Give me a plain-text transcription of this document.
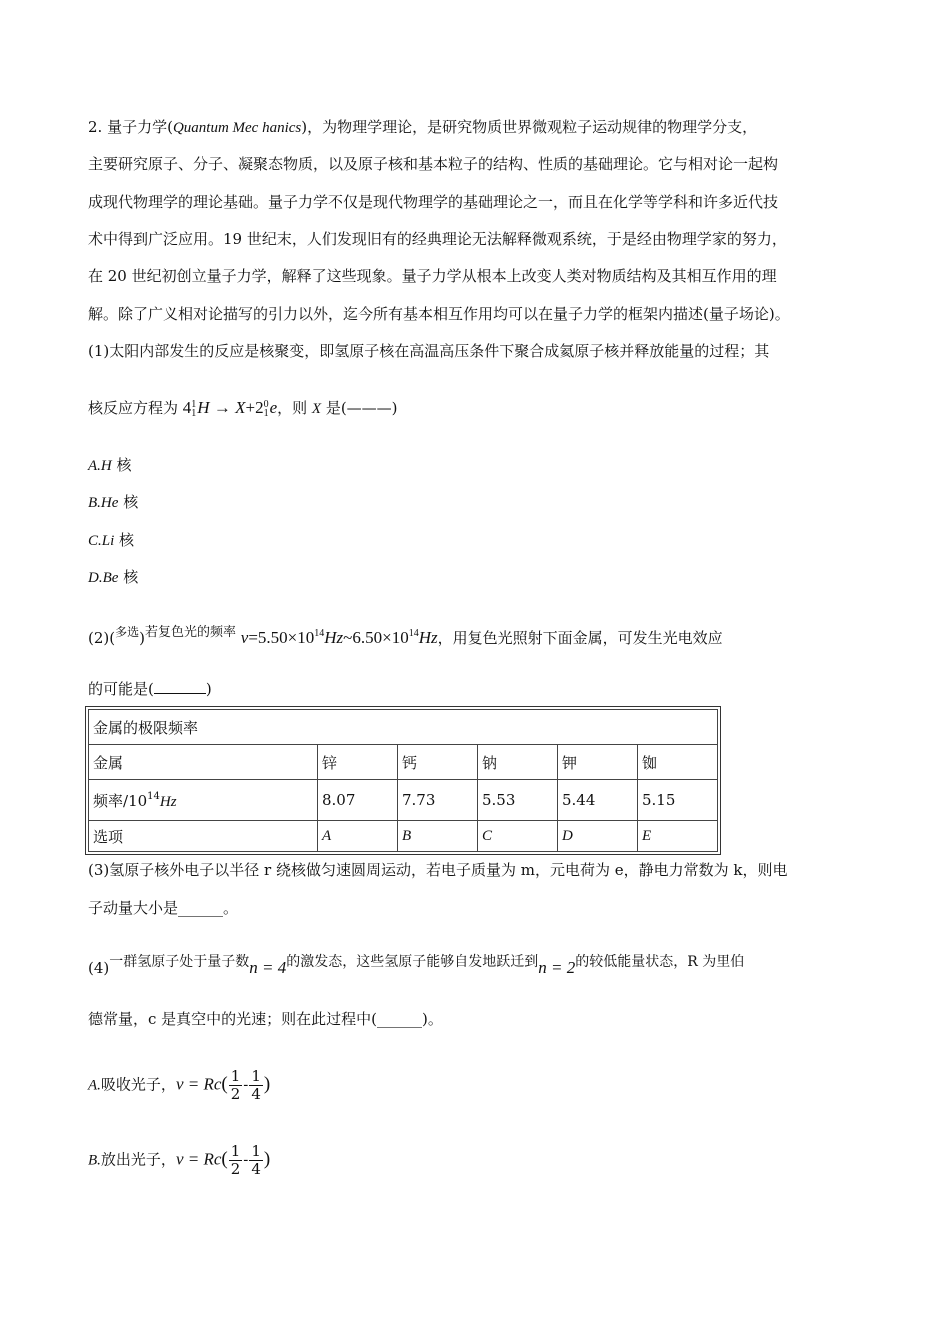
2. 量子力学(Quantum Mec hanics)，为物理学理论，是研究物质世界微观粒子运动规律的物理学分支，
主要研究原子、分子、凝聚态物质，以及原子核和基本粒子的结构、性质的基础理论。它与相对论一起构
成现代物理学的理论基础。量子力学不仅是现代物理学的基础理论之一，而且在化学等学科和许多近代技
术中得到广泛应用。19 世纪末，人们发现旧有的经典理论无法解释微观系统，于是经由物理学家的努力，
在 20 世纪初创立量子力学，解释了这些现象。量子力学从根本上改变人类对物质结构及其相互作用的理
解。除了广义相对论描写的引力以外，迄今所有基本相互作用均可以在量子力学的框架内描述(量子场论)。
(1)太阳内部发生的反应是核聚变，即氢原子核在高温高压条件下聚合成氦原子核并释放能量的过程；其
核反应方程为 41
1H → X+20
1e，则 X 是(———)
A.H 核
B.He 核
C.Li 核
D.Be 核
$(2)(^{多选})^{若复色光的频率}$ $v=5.50\times 10^{14}Hz\sim 6.50\times 10^{14}Hz$，用复色光照射下面金属，可发生光电效应
的可能是(	)
金属的极限频率					
金属	锌	钙	钠	钾	铷
频率$/10^{14}Hz$	8.07	7.73	5.53	5.44	5.15
选项	A	B	C	D	E
(3)氢原子核外电子以半径 r 绕核做匀速圆周运动，若电子质量为 m，元电荷为 e，静电力常数为 k，则电
子动量大小是______。
$(4)^{一群氢原子处于量子数}n = 4^{的激发态,这些氢原子能够自发地跃迁到}n = 2^{的较低能量状态,R 为里伯}$
德常量，c 是真空中的光速；则在此过程中(______)。
A.吸收光子，$v = Rc( \frac{1}{2} - \frac{1}{4}$ )
B.放出光子，$v = Rc( \frac{1}{2} - \frac{1}{4}$ )
